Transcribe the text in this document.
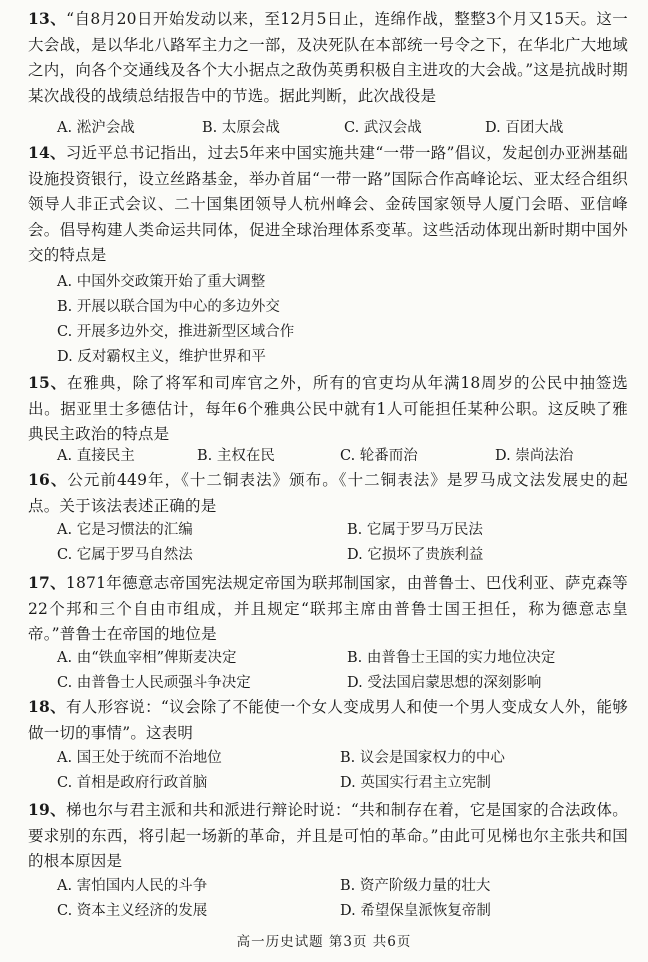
13、“自8月20日开始发动以来，至12月5日止，连绵作战，整整3个月又15天。这一大会战，是以华北八路军主力之一部，及决死队在本部统一号令之下，在华北广大地域之内，向各个交通线及各个大小据点之敌伪英勇积极自主进攻的大会战。”这是抗战时期某次战役的战绩总结报告中的节选。据此判断，此次战役是
A. 淞沪会战	B. 太原会战	C. 武汉会战	D. 百团大战
14、习近平总书记指出，过去5年来中国实施共建“一带一路”倡议，发起创办亚洲基础设施投资银行，设立丝路基金，举办首届“一带一路”国际合作高峰论坛、亚太经合组织领导人非正式会议、二十国集团领导人杭州峰会、金砖国家领导人厦门会晤、亚信峰会。倡导构建人类命运共同体，促进全球治理体系变革。这些活动体现出新时期中国外交的特点是
A. 中国外交政策开始了重大调整
B. 开展以联合国为中心的多边外交
C. 开展多边外交，推进新型区域合作
D. 反对霸权主义，维护世界和平
15、在雅典，除了将军和司库官之外，所有的官吏均从年满18周岁的公民中抽签选出。据亚里士多德估计，每年6个雅典公民中就有1人可能担任某种公职。这反映了雅典民主政治的特点是
A. 直接民主	B. 主权在民	C. 轮番而治	D. 崇尚法治
16、公元前449年，《十二铜表法》颁布。《十二铜表法》是罗马成文法发展史的起点。关于该法表述正确的是
A. 它是习惯法的汇编	B. 它属于罗马万民法
C. 它属于罗马自然法	D. 它损坏了贵族利益
17、1871年德意志帝国宪法规定帝国为联邦制国家，由普鲁士、巴伐利亚、萨克森等22个邦和三个自由市组成，并且规定“联邦主席由普鲁士国王担任，称为德意志皇帝。”普鲁士在帝国的地位是
A. 由“铁血宰相”俾斯麦决定	B. 由普鲁士王国的实力地位决定
C. 由普鲁士人民顽强斗争决定	D. 受法国启蒙思想的深刻影响
18、有人形容说：“议会除了不能使一个女人变成男人和使一个男人变成女人外，能够做一切的事情”。这表明
A. 国王处于统而不治地位	B. 议会是国家权力的中心
C. 首相是政府行政首脑	D. 英国实行君主立宪制
19、梯也尔与君主派和共和派进行辩论时说：“共和制存在着，它是国家的合法政体。要求别的东西，将引起一场新的革命，并且是可怕的革命。”由此可见梯也尔主张共和国的根本原因是
A. 害怕国内人民的斗争	B. 资产阶级力量的壮大
C. 资本主义经济的发展	D. 希望保皇派恢复帝制
高一历史试题 第3页 共6页
